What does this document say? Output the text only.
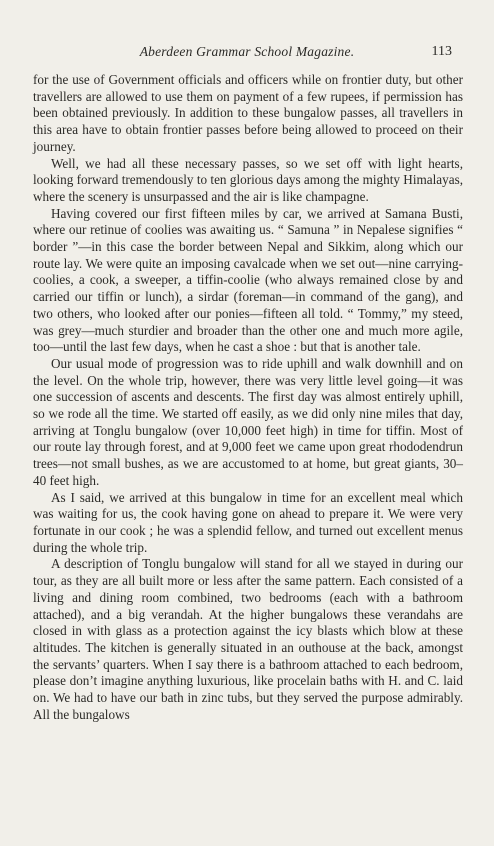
Aberdeen Grammar School Magazine.	113

for the use of Government officials and officers while on frontier duty, but other travellers are allowed to use them on payment of a few rupees, if permission has been obtained previously. In addition to these bungalow passes, all travellers in this area have to obtain frontier passes before being allowed to proceed on their journey.

Well, we had all these necessary passes, so we set off with light hearts, looking forward tremendously to ten glorious days among the mighty Himalayas, where the scenery is unsurpassed and the air is like champagne.

Having covered our first fifteen miles by car, we arrived at Samana Busti, where our retinue of coolies was awaiting us. “ Samuna ” in Nepalese signifies “ border ”—in this case the border between Nepal and Sikkim, along which our route lay. We were quite an imposing cavalcade when we set out—nine carrying-coolies, a cook, a sweeper, a tiffin-coolie (who always remained close by and carried our tiffin or lunch), a sirdar (foreman—in command of the gang), and two others, who looked after our ponies—fifteen all told. “ Tommy,” my steed, was grey—much sturdier and broader than the other one and much more agile, too—until the last few days, when he cast a shoe : but that is another tale.

Our usual mode of progression was to ride uphill and walk downhill and on the level. On the whole trip, however, there was very little level going—it was one succession of ascents and descents. The first day was almost entirely uphill, so we rode all the time. We started off easily, as we did only nine miles that day, arriving at Tonglu bungalow (over 10,000 feet high) in time for tiffin. Most of our route lay through forest, and at 9,000 feet we came upon great rhododendrun trees—not small bushes, as we are accustomed to at home, but great giants, 30–40 feet high.

As I said, we arrived at this bungalow in time for an excellent meal which was waiting for us, the cook having gone on ahead to prepare it. We were very fortunate in our cook ; he was a splendid fellow, and turned out excellent menus during the whole trip.

A description of Tonglu bungalow will stand for all we stayed in during our tour, as they are all built more or less after the same pattern. Each consisted of a living and dining room combined, two bedrooms (each with a bathroom attached), and a big verandah. At the higher bungalows these verandahs are closed in with glass as a protection against the icy blasts which blow at these altitudes. The kitchen is generally situated in an outhouse at the back, amongst the servants’ quarters. When I say there is a bathroom attached to each bedroom, please don’t imagine anything luxurious, like procelain baths with H. and C. laid on. We had to have our bath in zinc tubs, but they served the purpose admirably. All the bungalows
